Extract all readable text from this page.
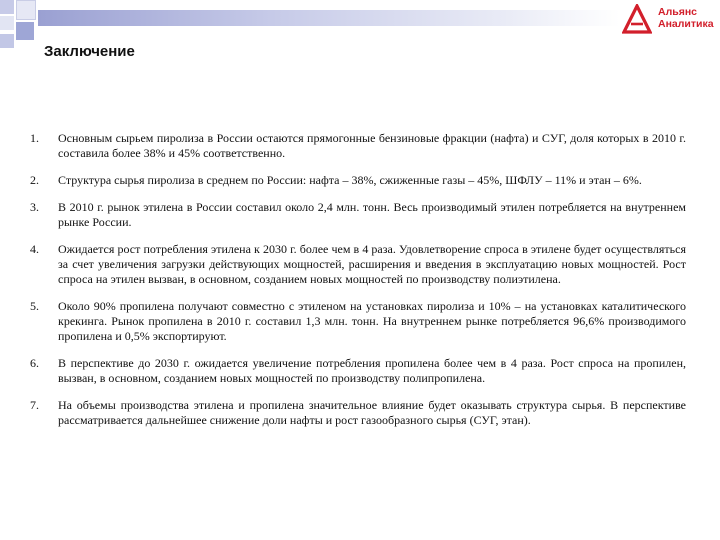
Альянс
Аналитика
Заключение
1.	Основным сырьем пиролиза в России остаются прямогонные бензиновые фракции (нафта) и СУГ, доля которых в 2010 г. составила более 38% и 45% соответственно.
2.	Структура сырья пиролиза в среднем по России: нафта – 38%, сжиженные газы – 45%, ШФЛУ – 11% и этан – 6%.
3.	В 2010 г. рынок этилена в России составил около 2,4 млн. тонн. Весь производимый этилен потребляется на внутреннем рынке России.
4.	Ожидается рост потребления этилена к 2030 г. более чем в 4 раза. Удовлетворение спроса в этилене будет осуществляться за счет увеличения загрузки действующих мощностей, расширения и введения в эксплуатацию новых мощностей. Рост спроса на этилен вызван, в основном, созданием новых мощностей по производству полиэтилена.
5.	Около 90% пропилена получают совместно с этиленом на установках пиролиза и 10% – на установках каталитического крекинга. Рынок пропилена в 2010 г. составил 1,3 млн. тонн. На внутреннем рынке потребляется 96,6% производимого пропилена и 0,5% экспортируют.
6.	В перспективе до 2030 г. ожидается увеличение потребления пропилена более чем в 4 раза. Рост спроса на пропилен, вызван, в основном, созданием новых мощностей по производству полипропилена.
7.	На объемы производства этилена и пропилена значительное влияние будет оказывать структура сырья. В перспективе рассматривается дальнейшее снижение доли нафты и рост газообразного сырья (СУГ, этан).
